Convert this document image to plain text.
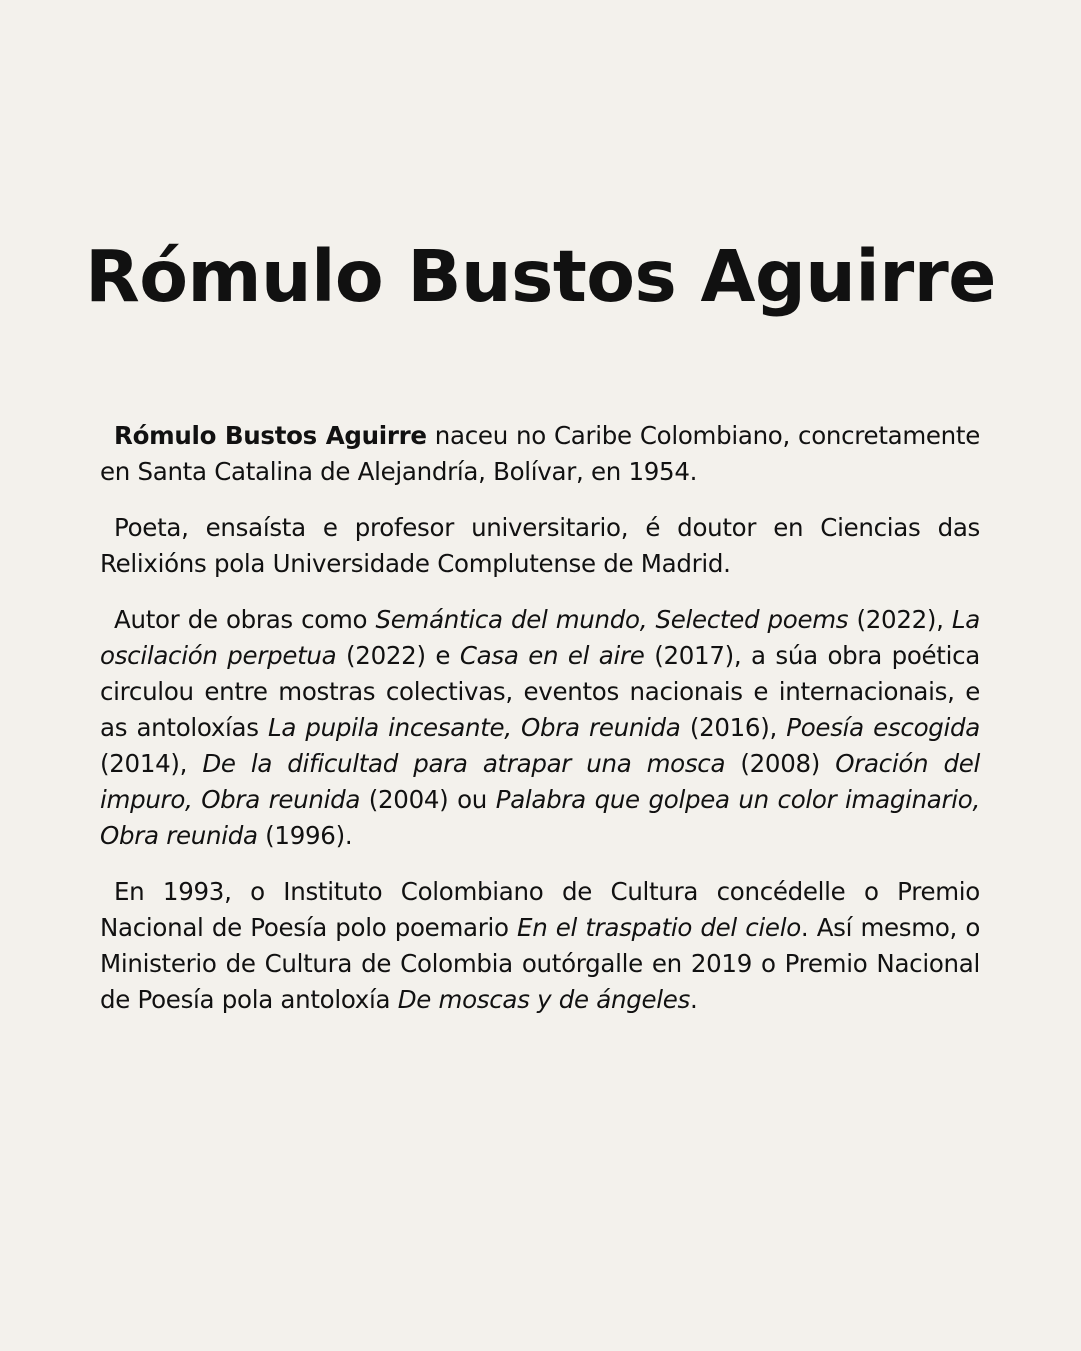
Rómulo Bustos Aguirre

Rómulo Bustos Aguirre naceu no Caribe Colombiano, concretamente en Santa Catalina de Alejandría, Bolívar, en 1954.

Poeta, ensaísta e profesor universitario, é doutor en Ciencias das Relixións pola Universidade Complutense de Madrid.

Autor de obras como Semántica del mundo, Selected poems (2022), La oscilación perpetua (2022) e Casa en el aire (2017), a súa obra poética circulou entre mostras colectivas, eventos nacionais e internacionais, e as antoloxías La pupila incesante, Obra reunida (2016), Poesía escogida (2014), De la dificultad para atrapar una mosca (2008) Oración del impuro, Obra reunida (2004) ou Palabra que golpea un color imaginario, Obra reunida (1996).

En 1993, o Instituto Colombiano de Cultura concédelle o Premio Nacional de Poesía polo poemario En el traspatio del cielo. Así mesmo, o Ministerio de Cultura de Colombia outórgalle en 2019 o Premio Nacional de Poesía pola antoloxía De moscas y de ángeles.
